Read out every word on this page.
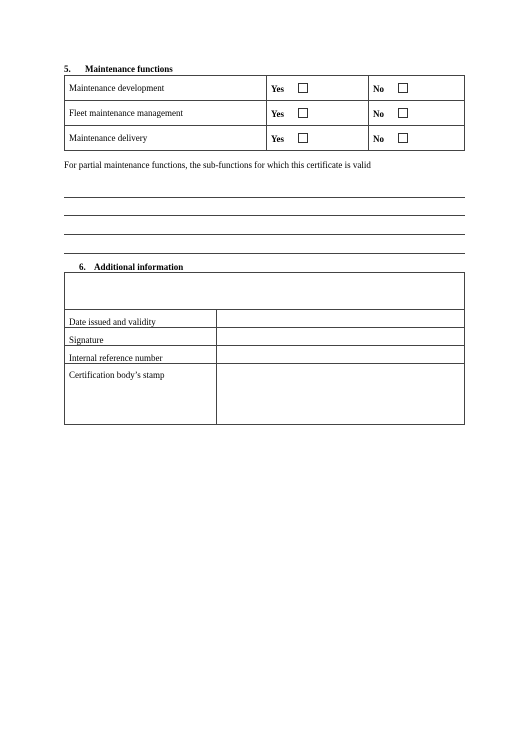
5. Maintenance functions
Maintenance development	Yes	No
Fleet maintenance management	Yes	No
Maintenance delivery	Yes	No
For partial maintenance functions, the sub-functions for which this certificate is valid
6. Additional information

Date issued and validity	
Signature	
Internal reference number	
Certification body’s stamp	
